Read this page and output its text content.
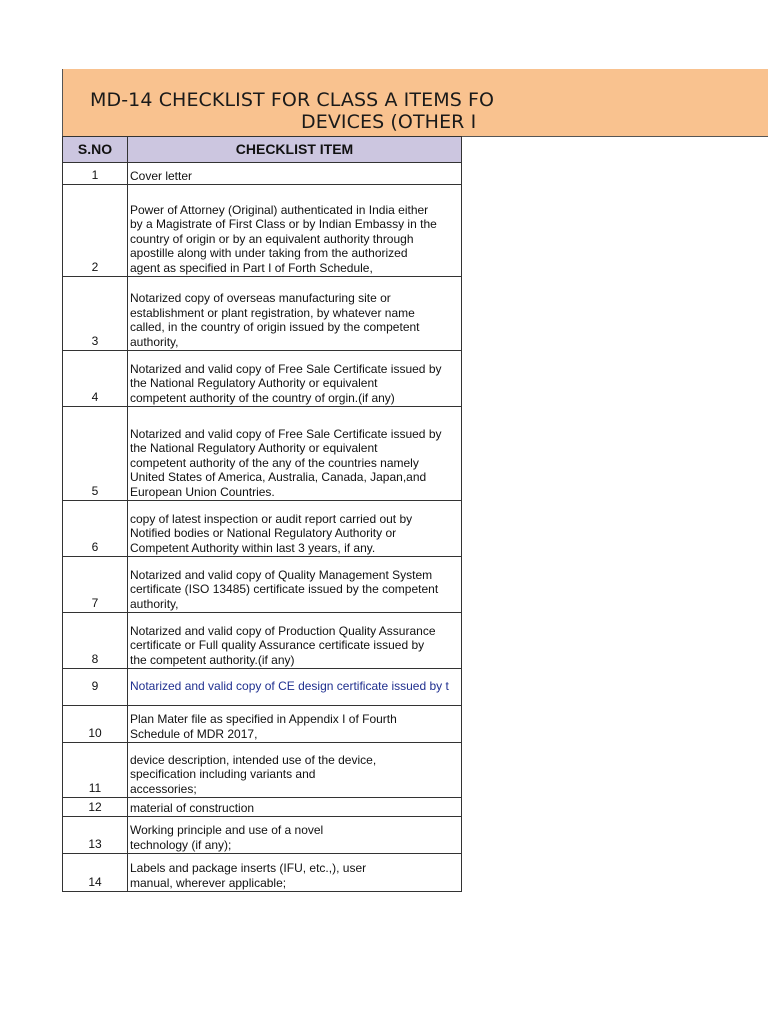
MD-14 CHECKLIST FOR CLASS A ITEMS FO
DEVICES (OTHER I
S.NO	CHECKLIST ITEM
1	Cover letter

2	Power of Attorney (Original) authenticated in India either
by a Magistrate of First Class or by Indian Embassy in the
country of origin or by an equivalent authority through
apostille along with under taking from the authorized
agent as specified in Part I of Forth Schedule,

3	Notarized copy of overseas manufacturing site or
establishment or plant registration, by whatever name
called, in the country of origin issued by the competent
authority,

4	Notarized and valid copy of Free Sale Certificate issued by
the National Regulatory Authority or equivalent
competent authority of the country of orgin.(if any)

5	Notarized and valid copy of Free Sale Certificate issued by
the National Regulatory Authority or equivalent
competent authority of the any of the countries namely
United States of America, Australia, Canada, Japan,and
European Union Countries.

6	copy of latest inspection or audit report carried out by
Notified bodies or National Regulatory Authority or
Competent Authority within last 3 years, if any.

7	Notarized and valid copy of Quality Management System
certificate (ISO 13485) certificate issued by the competent
authority,

8	Notarized and valid copy of Production Quality Assurance
certificate or Full quality Assurance certificate issued by
the competent authority.(if any)

9	Notarized and valid copy of CE design certificate issued by t

10	Plan Mater file as specified in Appendix I of Fourth
Schedule of MDR 2017,

11	device description, intended use of the device,
specification including variants and
accessories;

12	material of construction

13	Working principle and use of a novel
technology (if any);

14	Labels and package inserts (IFU, etc.,), user
manual, wherever applicable;
